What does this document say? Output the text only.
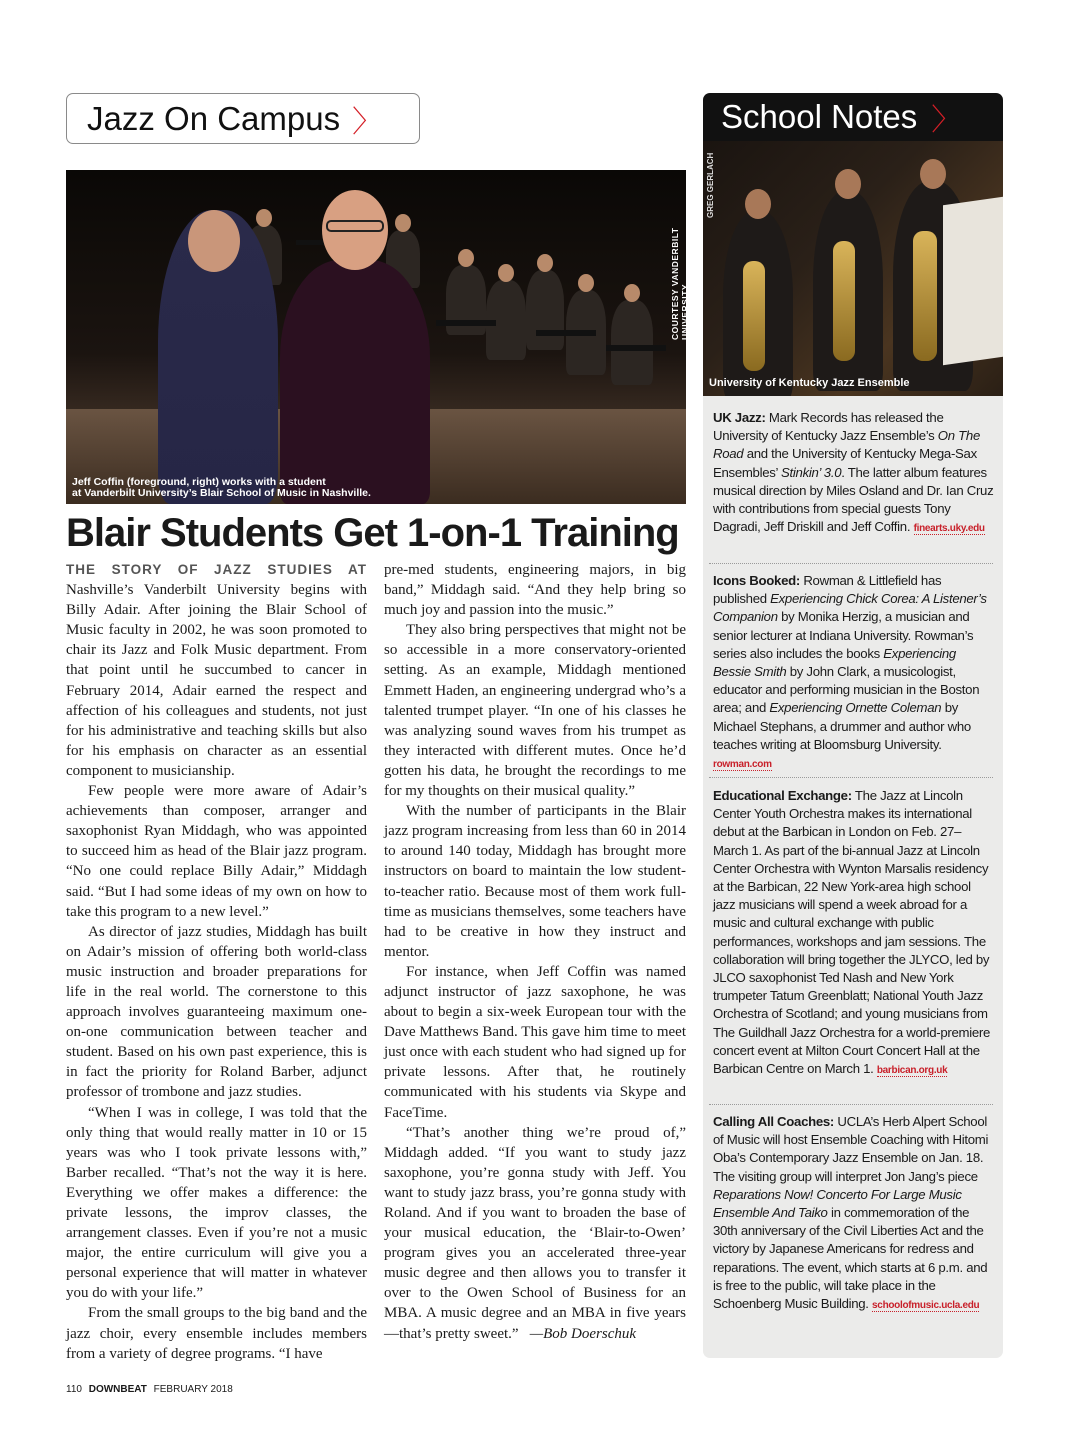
Jazz On Campus 〉	School Notes 〉
COURTESY VANDERBILT UNIVERSITY
Jeff Coffin (foreground, right) works with a student
at Vanderbilt University’s Blair School of Music in Nashville.
Blair Students Get 1-on-1 Training

THE STORY OF JAZZ STUDIES AT Nashville’s Vanderbilt University begins with Billy Adair. After joining the Blair School of Music faculty in 2002, he was soon promoted to chair its Jazz and Folk Music department. From that point until he succumbed to cancer in February 2014, Adair earned the respect and affection of his colleagues and students, not just for his administrative and teaching skills but also for his emphasis on character as an essential component to musicianship.

Few people were more aware of Adair’s achievements than composer, arranger and saxophonist Ryan Middagh, who was appointed to succeed him as head of the Blair jazz program. “No one could replace Billy Adair,” Middagh said. “But I had some ideas of my own on how to take this program to a new level.”

As director of jazz studies, Middagh has built on Adair’s mission of offering both world-class music instruction and broader preparations for life in the real world. The cornerstone to this approach involves guaranteeing maximum one-on-one communication between teacher and student. Based on his own past experience, this is in fact the priority for Roland Barber, adjunct professor of trombone and jazz studies.

“When I was in college, I was told that the only thing that would really matter in 10 or 15 years was who I took private lessons with,” Barber recalled. “That’s not the way it is here. Everything we offer makes a difference: the private lessons, the improv classes, the arrangement classes. Even if you’re not a music major, the entire curriculum will give you a personal experience that will matter in whatever you do with your life.”

From the small groups to the big band and the jazz choir, every ensemble includes members from a variety of degree programs. “I have

pre-med students, engineering majors, in big band,” Middagh said. “And they help bring so much joy and passion into the music.”

They also bring perspectives that might not be so accessible in a more conservatory-oriented setting. As an example, Middagh mentioned Emmett Haden, an engineering undergrad who’s a talented trumpet player. “In one of his classes he was analyzing sound waves from his trumpet as they interacted with different mutes. Once he’d gotten his data, he brought the recordings to me for my thoughts on their musical quality.”

With the number of participants in the Blair jazz program increasing from less than 60 in 2014 to around 140 today, Middagh has brought more instructors on board to maintain the low student-to-teacher ratio. Because most of them work full-time as musicians themselves, some teachers have had to be creative in how they instruct and mentor.

For instance, when Jeff Coffin was named adjunct instructor of jazz saxophone, he was about to begin a six-week European tour with the Dave Matthews Band. This gave him time to meet just once with each student who had signed up for private lessons. After that, he routinely communicated with his students via Skype and FaceTime.

“That’s another thing we’re proud of,” Middagh added. “If you want to study jazz saxophone, you’re gonna study with Jeff. You want to study jazz brass, you’re gonna study with Roland. And if you want to broaden the base of your musical education, the ‘Blair-to-Owen’ program gives you an accelerated three-year music degree and then allows you to transfer it over to the Owen School of Business for an MBA. A music degree and an MBA in five years—that’s pretty sweet.” —Bob Doerschuk

GREG GERLACH
University of Kentucky Jazz Ensemble
UK Jazz: Mark Records has released the University of Kentucky Jazz Ensemble’s On The Road and the University of Kentucky Mega-Sax Ensembles’ Stinkin’ 3.0. The latter album features musical direction by Miles Osland and Dr. Ian Cruz with contributions from special guests Tony Dagradi, Jeff Driskill and Jeff Coffin. finearts.uky.edu
Icons Booked: Rowman & Littlefield has published Experiencing Chick Corea: A Listener’s Companion by Monika Herzig, a musician and senior lecturer at Indiana University. Rowman’s series also includes the books Experiencing Bessie Smith by John Clark, a musicologist, educator and performing musician in the Boston area; and Experiencing Ornette Coleman by Michael Stephans, a drummer and author who teaches writing at Bloomsburg University. rowman.com
Educational Exchange: The Jazz at Lincoln Center Youth Orchestra makes its international debut at the Barbican in London on Feb. 27–March 1. As part of the bi-annual Jazz at Lincoln Center Orchestra with Wynton Marsalis residency at the Barbican, 22 New York-area high school jazz musicians will spend a week abroad for a music and cultural exchange with public performances, workshops and jam sessions. The collaboration will bring together the JLYCO, led by JLCO saxophonist Ted Nash and New York trumpeter Tatum Greenblatt; National Youth Jazz Orchestra of Scotland; and young musicians from The Guildhall Jazz Orchestra for a world-premiere concert event at Milton Court Concert Hall at the Barbican Centre on March 1. barbican.org.uk
Calling All Coaches: UCLA’s Herb Alpert School of Music will host Ensemble Coaching with Hitomi Oba’s Contemporary Jazz Ensemble on Jan. 18. The visiting group will interpret Jon Jang’s piece Reparations Now! Concerto For Large Music Ensemble And Taiko in commemoration of the 30th anniversary of the Civil Liberties Act and the victory by Japanese Americans for redress and reparations. The event, which starts at 6 p.m. and is free to the public, will take place in the Schoenberg Music Building. schoolofmusic.ucla.edu
110 DOWNBEAT FEBRUARY 2018
